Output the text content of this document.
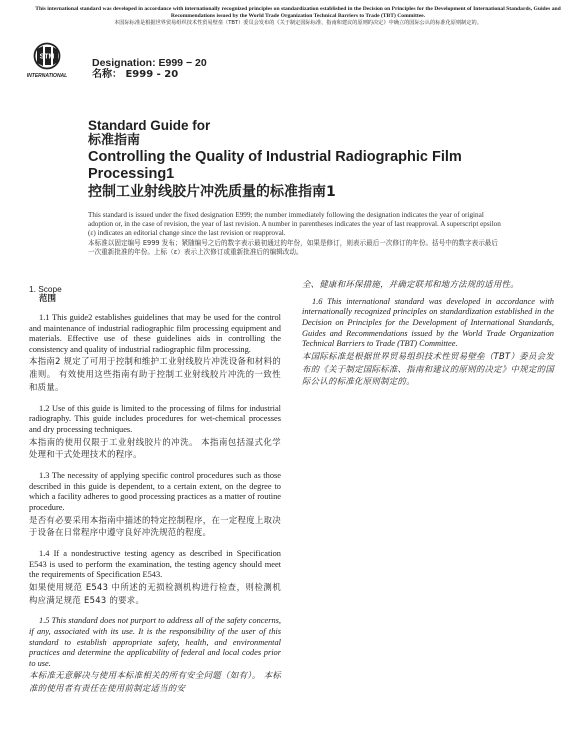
This international standard was developed in accordance with internationally recognized principles on standardization established in the Decision on Principles for the Development of International Standards, Guides and Recommendations issued by the World Trade Organization Technical Barriers to Trade (TBT) Committee.
本国际标准是根据世界贸易组织技术性贸易壁垒（TBT）委员会发布的《关于制定国际标准、指南和建议的原则的决定》中确立的国际公认的标准化原则制定的。
STM
INTERNATIONAL
Designation: E999 − 20
名称： E999 - 20
Standard Guide for
标准指南
Controlling the Quality of Industrial Radiographic Film Processing1
控制工业射线胶片冲洗质量的标准指南1
This standard is issued under the fixed designation E999; the number immediately following the designation indicates the year of original adoption or, in the case of revision, the year of last revision. A number in parentheses indicates the year of last reapproval. A superscript epsilon (ε) indicates an editorial change since the last revision or reapproval.
本标准以固定编号 E999 发布；紧随编号之后的数字表示最初通过的年份，如果是修订，则表示最后一次修订的年份。括号中的数字表示最后一次重新批准的年份。上标（ε）表示上次修订或重新批准后的编辑改动。
1. Scope
范围
1.1 This guide2 establishes guidelines that may be used for the control and maintenance of industrial radiographic film processing equipment and materials. Effective use of these guidelines aids in controlling the consistency and quality of industrial radiographic film processing.
本指南2 规定了可用于控制和维护工业射线胶片冲洗设备和材料的准则。 有效使用这些指南有助于控制工业射线胶片冲洗的一致性和质量。
1.2 Use of this guide is limited to the processing of films for industrial radiography. This guide includes procedures for wet-chemical processes and dry processing techniques.
本指南的使用仅限于工业射线胶片的冲洗。 本指南包括湿式化学处理和干式处理技术的程序。
1.3 The necessity of applying specific control procedures such as those described in this guide is dependent, to a certain extent, on the degree to which a facility adheres to good processing practices as a matter of routine procedure.
是否有必要采用本指南中描述的特定控制程序，在一定程度上取决于设备在日常程序中遵守良好冲洗规范的程度。
1.4 If a nondestructive testing agency as described in Specification E543 is used to perform the examination, the testing agency should meet the requirements of Specification E543.
如果使用规范 E543 中所述的无损检测机构进行检查，则检测机构应满足规范 E543 的要求。
1.5 This standard does not purport to address all of the safety concerns, if any, associated with its use. It is the responsibility of the user of this standard to establish appropriate safety, health, and environmental practices and determine the applicability of federal and local codes prior to use.
本标准无意解决与使用本标准相关的所有安全问题（如有）。 本标准的使用者有责任在使用前制定适当的安
全、健康和环保措施，并确定联邦和地方法规的适用性。
1.6 This international standard was developed in accordance with internationally recognized principles on standardization established in the Decision on Principles for the Development of International Standards, Guides and Recommendations issued by the World Trade Organization Technical Barriers to Trade (TBT) Committee.
本国际标准是根据世界贸易组织技术性贸易壁垒（TBT）委员会发布的《关于制定国际标准、指南和建议的原则的决定》中规定的国际公认的标准化原则制定的。
